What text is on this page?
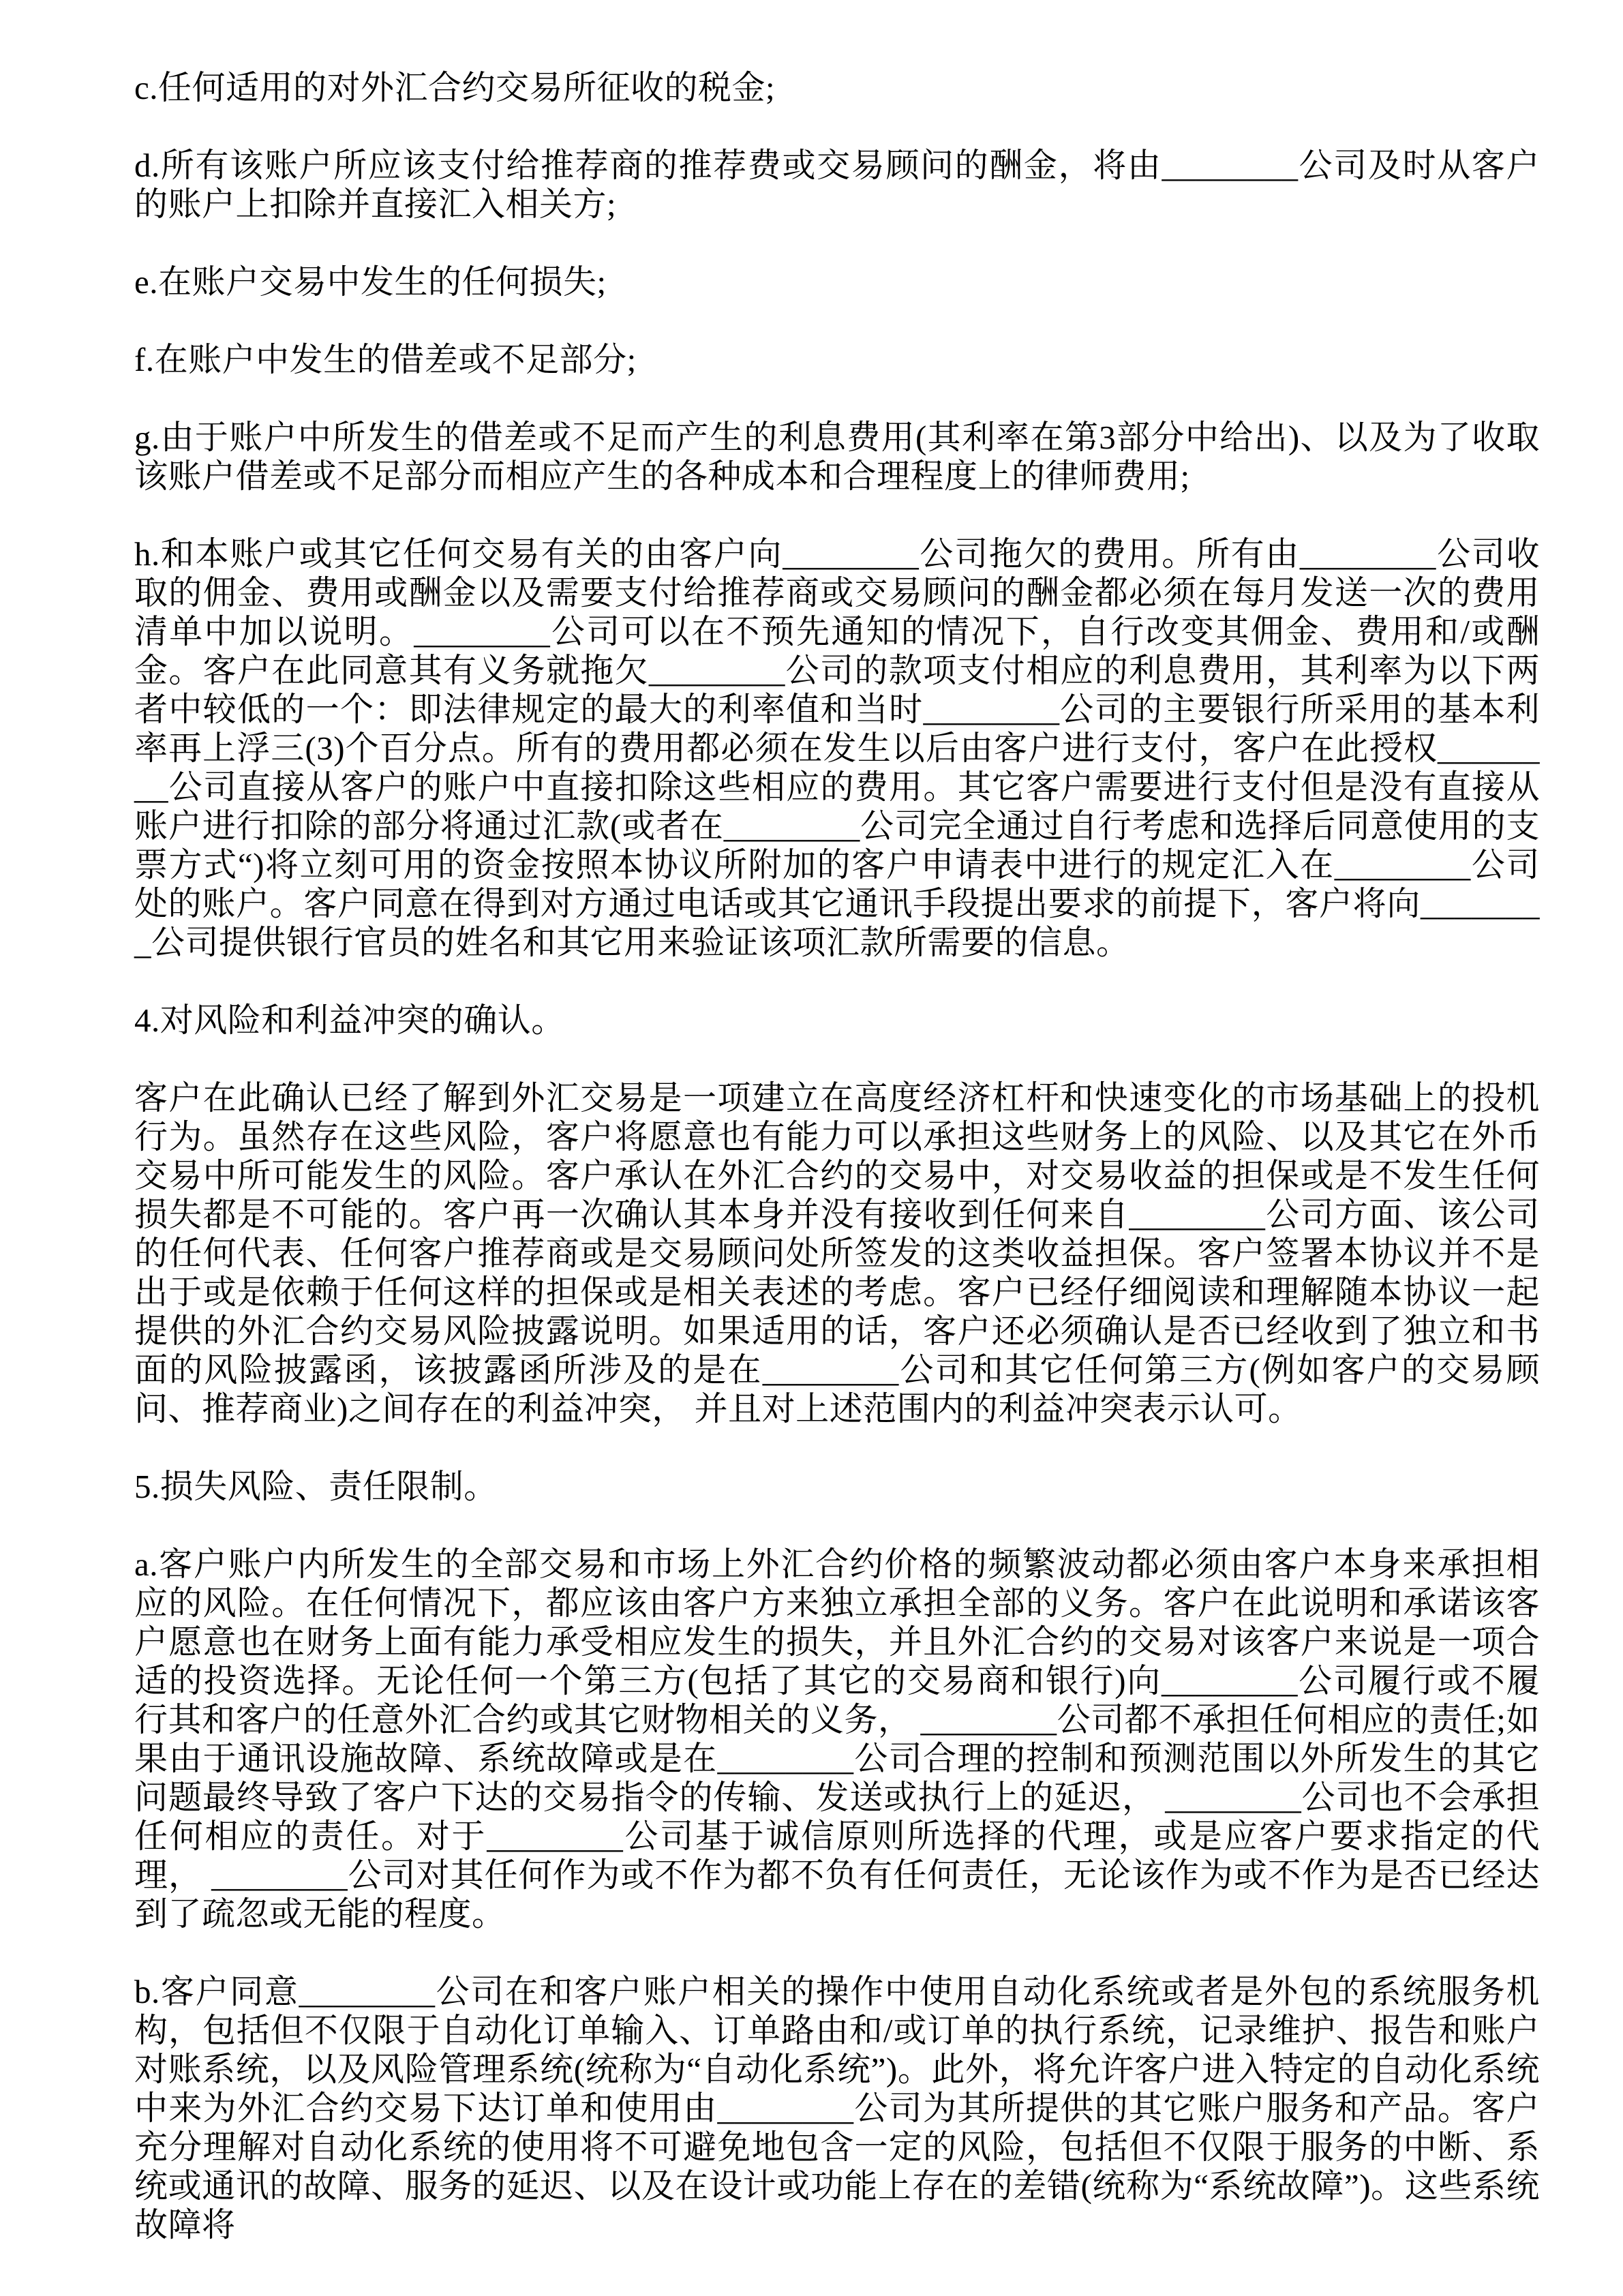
c.任何适用的对外汇合约交易所征收的税金;

d.所有该账户所应该支付给推荐商的推荐费或交易顾问的酬金，将由________公司及时从客户的账户上扣除并直接汇入相关方;

e.在账户交易中发生的任何损失;

f.在账户中发生的借差或不足部分;

g.由于账户中所发生的借差或不足而产生的利息费用(其利率在第3部分中给出)、以及为了收取该账户借差或不足部分而相应产生的各种成本和合理程度上的律师费用;

h.和本账户或其它任何交易有关的由客户向________公司拖欠的费用。所有由________公司收取的佣金、费用或酬金以及需要支付给推荐商或交易顾问的酬金都必须在每月发送一次的费用清单中加以说明。________公司可以在不预先通知的情况下，自行改变其佣金、费用和/或酬金。客户在此同意其有义务就拖欠________公司的款项支付相应的利息费用，其利率为以下两者中较低的一个：即法律规定的最大的利率值和当时________公司的主要银行所采用的基本利率再上浮三(3)个百分点。所有的费用都必须在发生以后由客户进行支付，客户在此授权________公司直接从客户的账户中直接扣除这些相应的费用。其它客户需要进行支付但是没有直接从账户进行扣除的部分将通过汇款(或者在________公司完全通过自行考虑和选择后同意使用的支票方式“)将立刻可用的资金按照本协议所附加的客户申请表中进行的规定汇入在________公司处的账户。客户同意在得到对方通过电话或其它通讯手段提出要求的前提下，客户将向________公司提供银行官员的姓名和其它用来验证该项汇款所需要的信息。

4.对风险和利益冲突的确认。

客户在此确认已经了解到外汇交易是一项建立在高度经济杠杆和快速变化的市场基础上的投机行为。虽然存在这些风险，客户将愿意也有能力可以承担这些财务上的风险、以及其它在外币交易中所可能发生的风险。客户承认在外汇合约的交易中，对交易收益的担保或是不发生任何损失都是不可能的。客户再一次确认其本身并没有接收到任何来自________公司方面、该公司的任何代表、任何客户推荐商或是交易顾问处所签发的这类收益担保。客户签署本协议并不是出于或是依赖于任何这样的担保或是相关表述的考虑。客户已经仔细阅读和理解随本协议一起提供的外汇合约交易风险披露说明。如果适用的话，客户还必须确认是否已经收到了独立和书面的风险披露函，该披露函所涉及的是在________公司和其它任何第三方(例如客户的交易顾问、推荐商业)之间存在的利益冲突， 并且对上述范围内的利益冲突表示认可。

5.损失风险、责任限制。

a.客户账户内所发生的全部交易和市场上外汇合约价格的频繁波动都必须由客户本身来承担相应的风险。在任何情况下，都应该由客户方来独立承担全部的义务。客户在此说明和承诺该客户愿意也在财务上面有能力承受相应发生的损失，并且外汇合约的交易对该客户来说是一项合适的投资选择。无论任何一个第三方(包括了其它的交易商和银行)向________公司履行或不履行其和客户的任意外汇合约或其它财物相关的义务， ________公司都不承担任何相应的责任;如果由于通讯设施故障、系统故障或是在________公司合理的控制和预测范围以外所发生的其它问题最终导致了客户下达的交易指令的传输、发送或执行上的延迟， ________公司也不会承担任何相应的责任。对于________公司基于诚信原则所选择的代理，或是应客户要求指定的代理， ________公司对其任何作为或不作为都不负有任何责任，无论该作为或不作为是否已经达到了疏忽或无能的程度。

b.客户同意________公司在和客户账户相关的操作中使用自动化系统或者是外包的系统服务机构，包括但不仅限于自动化订单输入、订单路由和/或订单的执行系统，记录维护、报告和账户对账系统，以及风险管理系统(统称为“自动化系统”)。此外，将允许客户进入特定的自动化系统中来为外汇合约交易下达订单和使用由________公司为其所提供的其它账户服务和产品。客户充分理解对自动化系统的使用将不可避免地包含一定的风险，包括但不仅限于服务的中断、系统或通讯的故障、服务的延迟、以及在设计或功能上存在的差错(统称为“系统故障”)。这些系统故障将
